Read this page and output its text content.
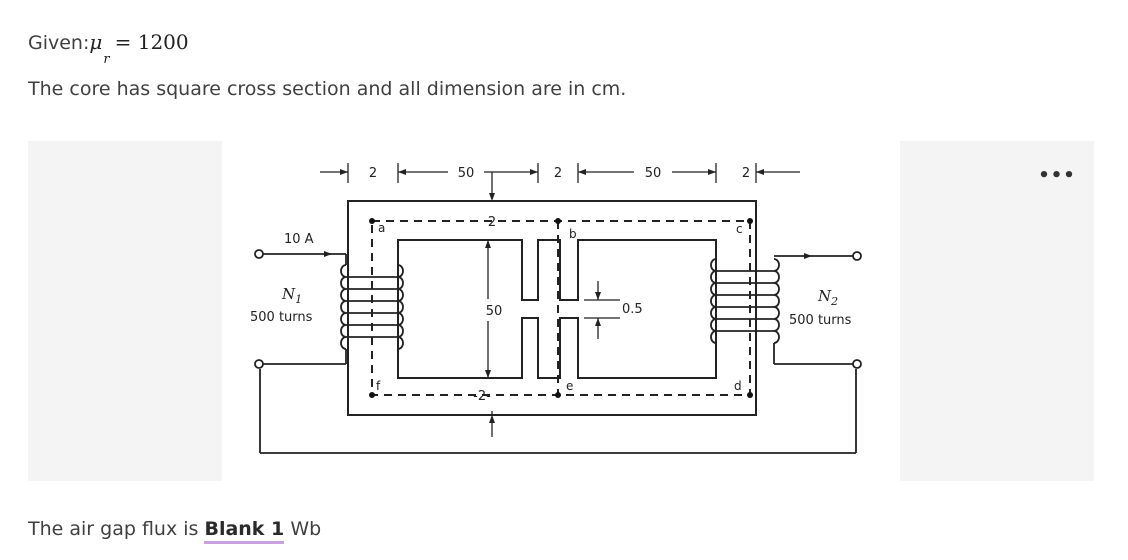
Given: μ
r
= 1200
The core has square cross section and all dimension are in cm.
•••
a	b	c
d
e
f
2	50	2	50	2
2
-2-
50	0.5
10 A
$N_1$
500 turns
$N_2$
500 turns
The air gap flux is Blank 1 Wb
